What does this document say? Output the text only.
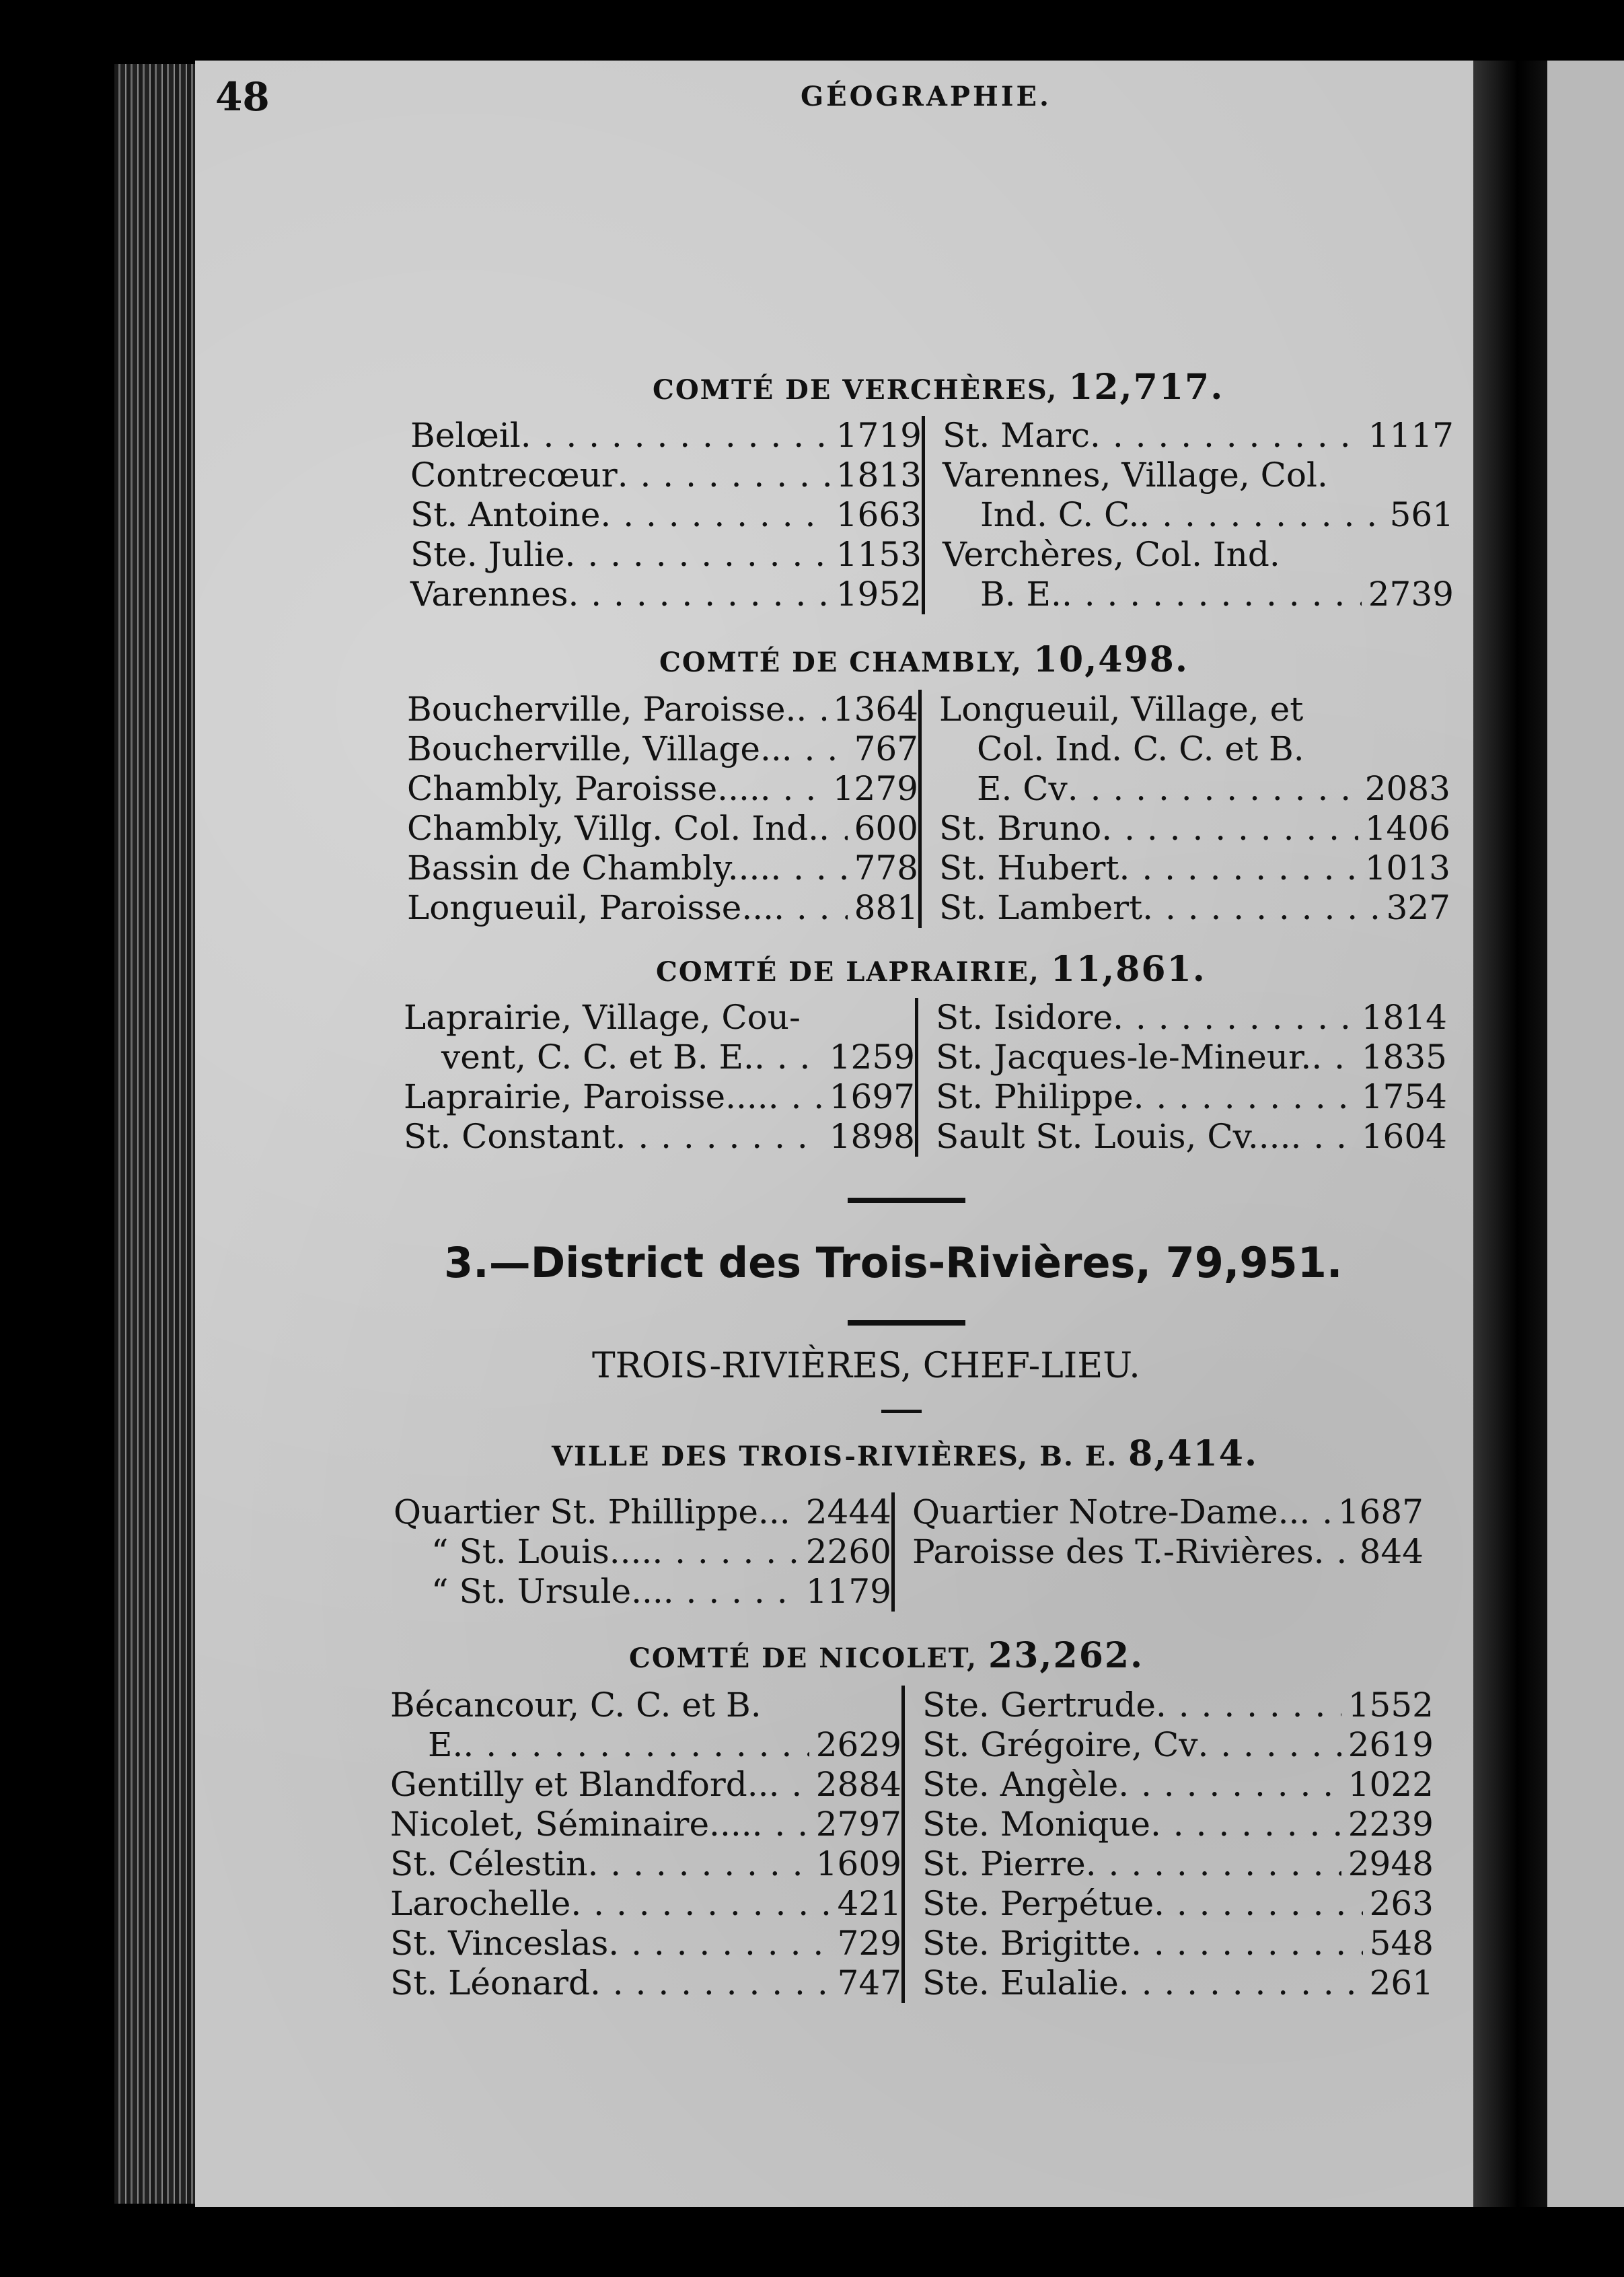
48	GÉOGRAPHIE.
COMTÉ DE VERCHÈRES, 12,717.
Belœil . . .	1719
Contrecœur . . .	1813
St. Antoine . . .	1663
Ste. Julie . . .	1153
Varennes . . .	1952
St. Marc . . .	1117
Varennes, Village, Col.
Ind. C. C. . . .	561
Verchères, Col. Ind.
B. E. . . .	2739
COMTÉ DE CHAMBLY, 10,498.
Boucherville, Paroisse. . . . 1364
Boucherville, Village.. . . . 767
Chambly, Paroisse.... . . . 1279
Chambly, Villg. Col. Ind. . . . 600
Bassin de Chambly.... . . . 778
Longueuil, Paroisse... . . . 881
Longueuil, Village, et
Col. Ind. C. C. et B.
E. Cv . . .	2083
St. Bruno . . .	1406
St. Hubert . . .	1013
St. Lambert . . .	327
COMTÉ DE LAPRAIRIE, 11,861.
Laprairie, Village, Cou-
vent, C. C. et B. E. . . . 1259
Laprairie, Paroisse.... . . . 1697
St. Constant . . .	1898
St. Isidore . . .	1814
St. Jacques-le-Mineur. . . . 1835
St. Philippe . . .	1754
Sault St. Louis, Cv.... . . . 1604
3.—District des Trois-Rivières, 79,951.
TROIS-RIVIÈRES, CHEF-LIEU.
VILLE DES TROIS-RIVIÈRES, B. E. 8,414.
Quartier St. Phillippe.. . . . 2444
“ St. Louis.... . . .	2260
“ St. Ursule... . . .	1179
Quartier Notre-Dame.. . . . 1687
Paroisse des T.-Rivières . . . 844
COMTÉ DE NICOLET, 23,262.
Bécancour, C. C. et B.
E. . . .	2629
Gentilly et Blandford.. . . . 2884
Nicolet, Séminaire.... . . . 2797
St. Célestin . . .	1609
Larochelle . . .	421
St. Vinceslas . . .	729
St. Léonard . . .	747
Ste. Gertrude . . .	1552
St. Grégoire, Cv . . .	2619
Ste. Angèle . . .	1022
Ste. Monique . . .	2239
St. Pierre . . .	2948
Ste. Perpétue . . .	263
Ste. Brigitte . . .	548
Ste. Eulalie . . .	261
